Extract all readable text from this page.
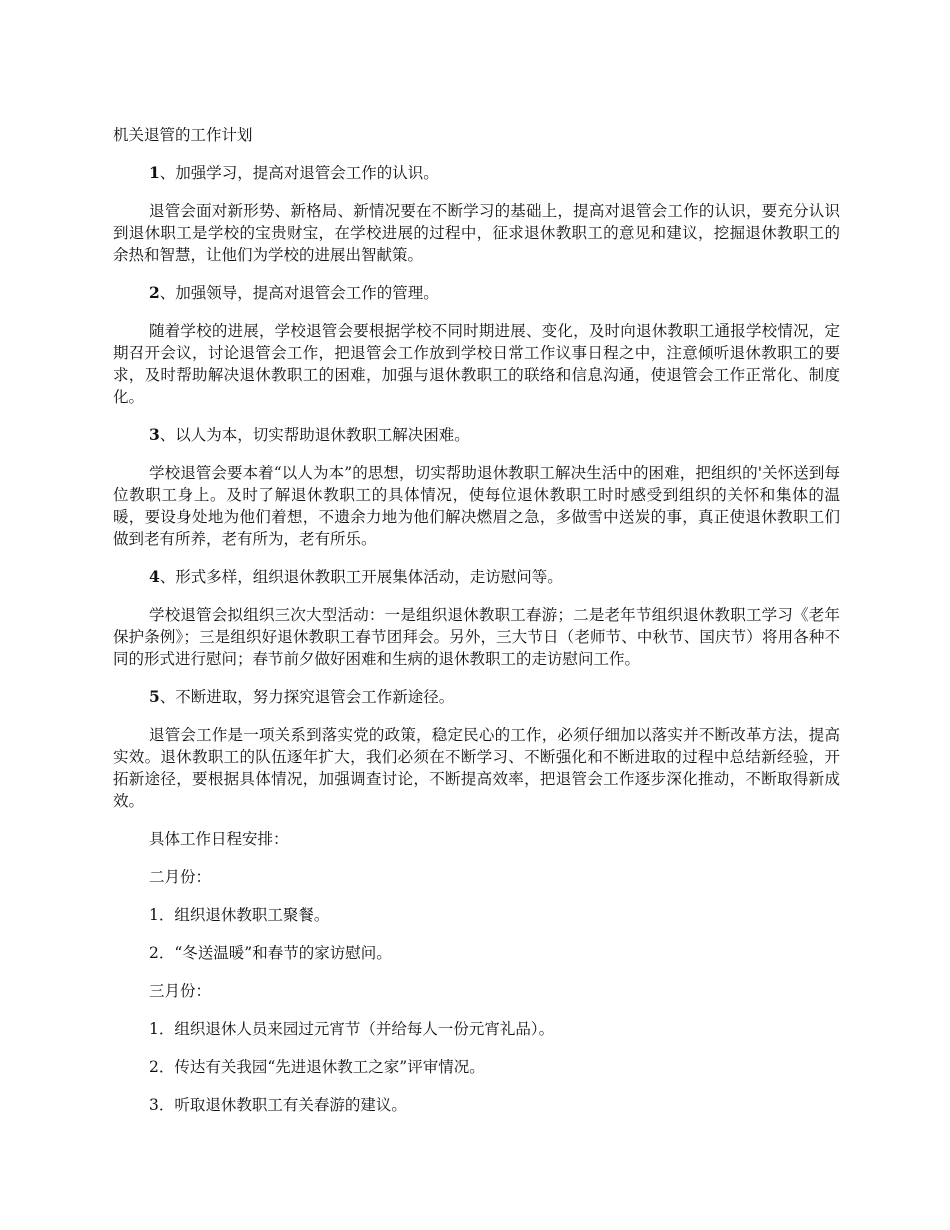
机关退管的工作计划

1、加强学习，提高对退管会工作的认识。

退管会面对新形势、新格局、新情况要在不断学习的基础上，提高对退管会工作的认识，要充分认识到退休职工是学校的宝贵财宝，在学校进展的过程中，征求退休教职工的意见和建议，挖掘退休教职工的余热和智慧，让他们为学校的进展出智献策。

2、加强领导，提高对退管会工作的管理。

随着学校的进展，学校退管会要根据学校不同时期进展、变化，及时向退休教职工通报学校情况，定期召开会议，讨论退管会工作，把退管会工作放到学校日常工作议事日程之中，注意倾听退休教职工的要求，及时帮助解决退休教职工的困难，加强与退休教职工的联络和信息沟通，使退管会工作正常化、制度化。

3、以人为本，切实帮助退休教职工解决困难。

学校退管会要本着“以人为本”的思想，切实帮助退休教职工解决生活中的困难，把组织的'关怀送到每位教职工身上。及时了解退休教职工的具体情况，使每位退休教职工时时感受到组织的关怀和集体的温暖，要设身处地为他们着想，不遗余力地为他们解决燃眉之急，多做雪中送炭的事，真正使退休教职工们做到老有所养，老有所为，老有所乐。

4、形式多样，组织退休教职工开展集体活动，走访慰问等。

学校退管会拟组织三次大型活动：一是组织退休教职工春游；二是老年节组织退休教职工学习《老年保护条例》；三是组织好退休教职工春节团拜会。另外，三大节日（老师节、中秋节、国庆节）将用各种不同的形式进行慰问；春节前夕做好困难和生病的退休教职工的走访慰问工作。

5、不断进取，努力探究退管会工作新途径。

退管会工作是一项关系到落实党的政策，稳定民心的工作，必须仔细加以落实并不断改革方法，提高实效。退休教职工的队伍逐年扩大，我们必须在不断学习、不断强化和不断进取的过程中总结新经验，开拓新途径，要根据具体情况，加强调查讨论，不断提高效率，把退管会工作逐步深化推动，不断取得新成效。

具体工作日程安排：

二月份：

1．组织退休教职工聚餐。

2．“冬送温暖”和春节的家访慰问。

三月份：

1．组织退休人员来园过元宵节（并给每人一份元宵礼品）。

2．传达有关我园“先进退休教工之家”评审情况。

3．听取退休教职工有关春游的建议。
